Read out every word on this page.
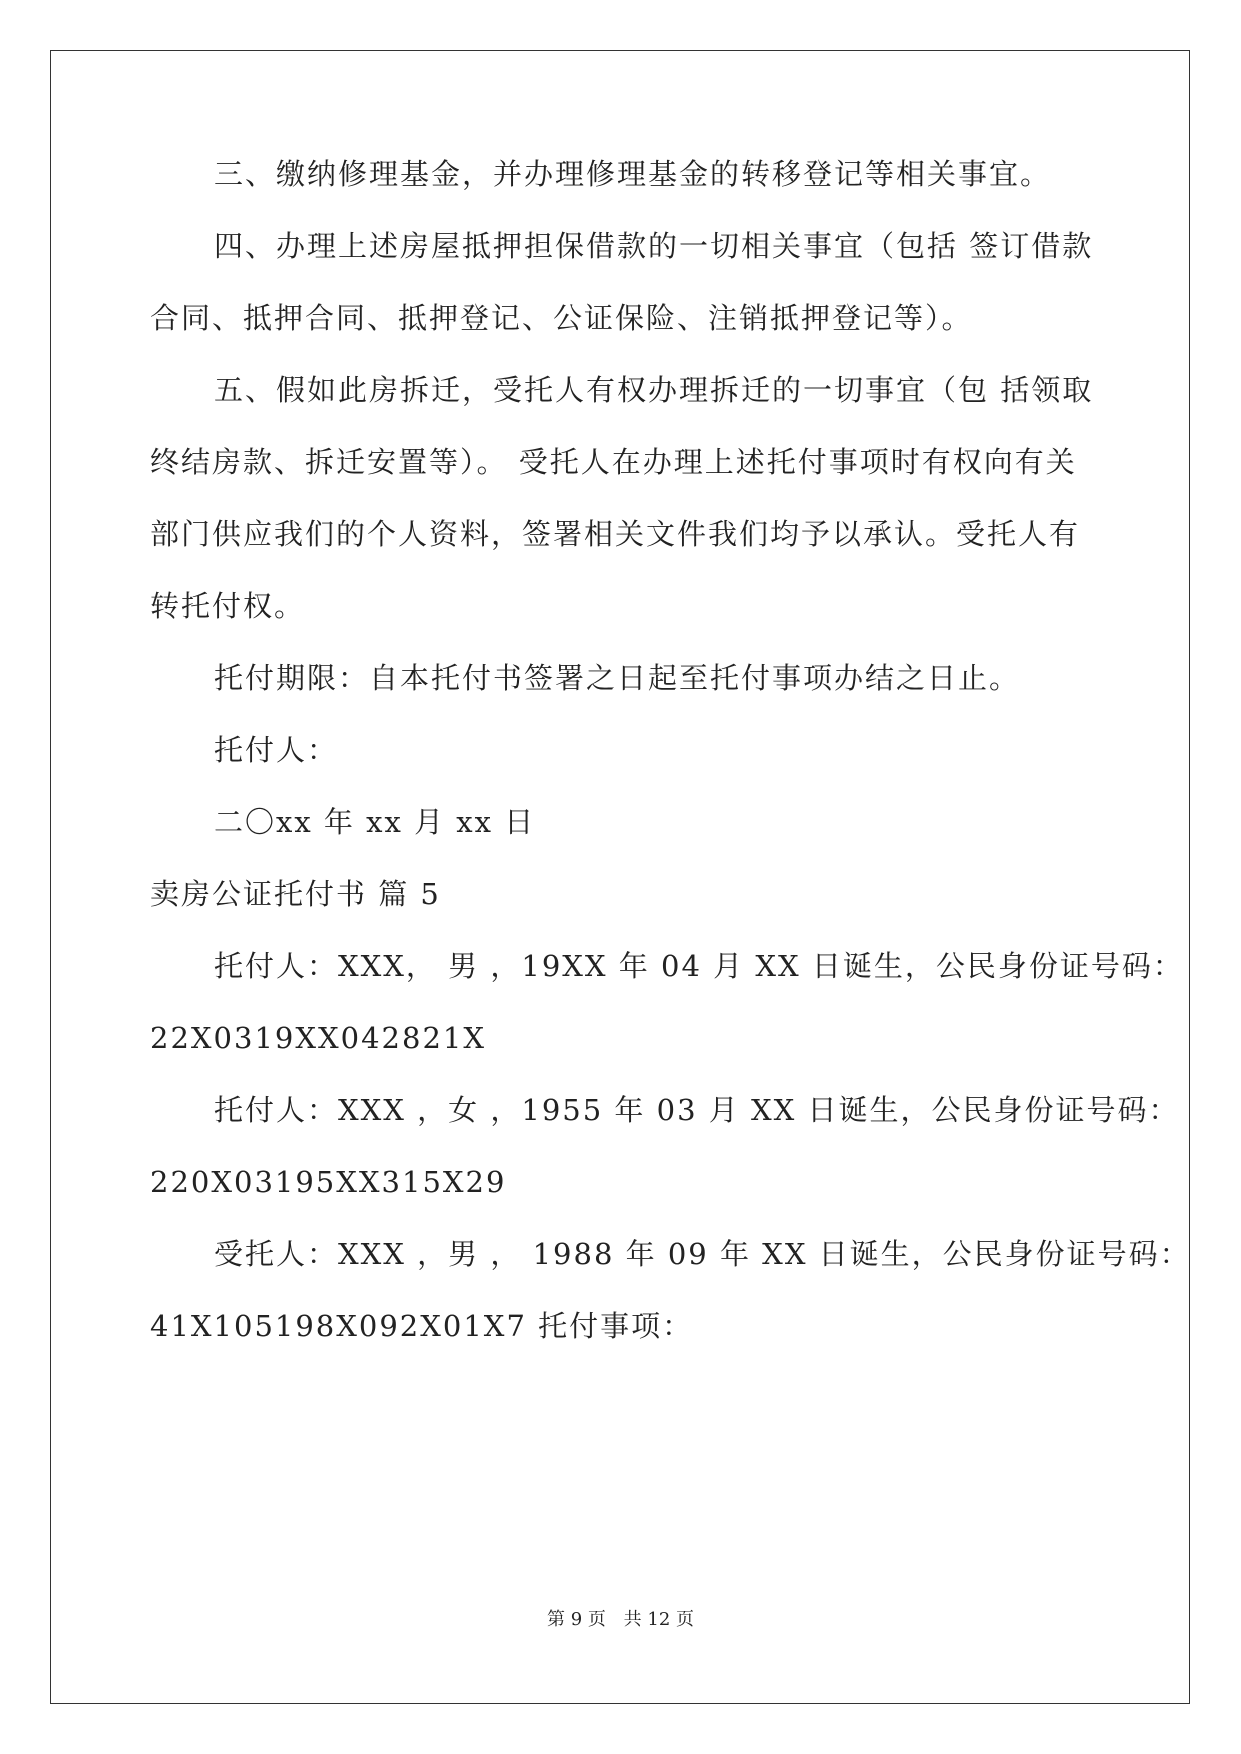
三、缴纳修理基金，并办理修理基金的转移登记等相关事宜。
四、办理上述房屋抵押担保借款的一切相关事宜（包括 签订借款
合同、抵押合同、抵押登记、公证保险、注销抵押登记等）。
五、假如此房拆迁，受托人有权办理拆迁的一切事宜（包 括领取
终结房款、拆迁安置等）。 受托人在办理上述托付事项时有权向有关
部门供应我们的个人资料，签署相关文件我们均予以承认。受托人有
转托付权。
托付期限：自本托付书签署之日起至托付事项办结之日止。
托付人：
二〇xx 年 xx 月 xx 日
卖房公证托付书 篇 5
托付人：XXX， 男 ，19XX 年 04 月 XX 日诞生，公民身份证号码：
22X0319XX042821X
托付人：XXX ，女 ，1955 年 03 月 XX 日诞生，公民身份证号码：
220X03195XX315X29
受托人：XXX ，男 ， 1988 年 09 年 XX 日诞生，公民身份证号码：
41X105198X092X01X7 托付事项：
第 9 页 共 12 页
